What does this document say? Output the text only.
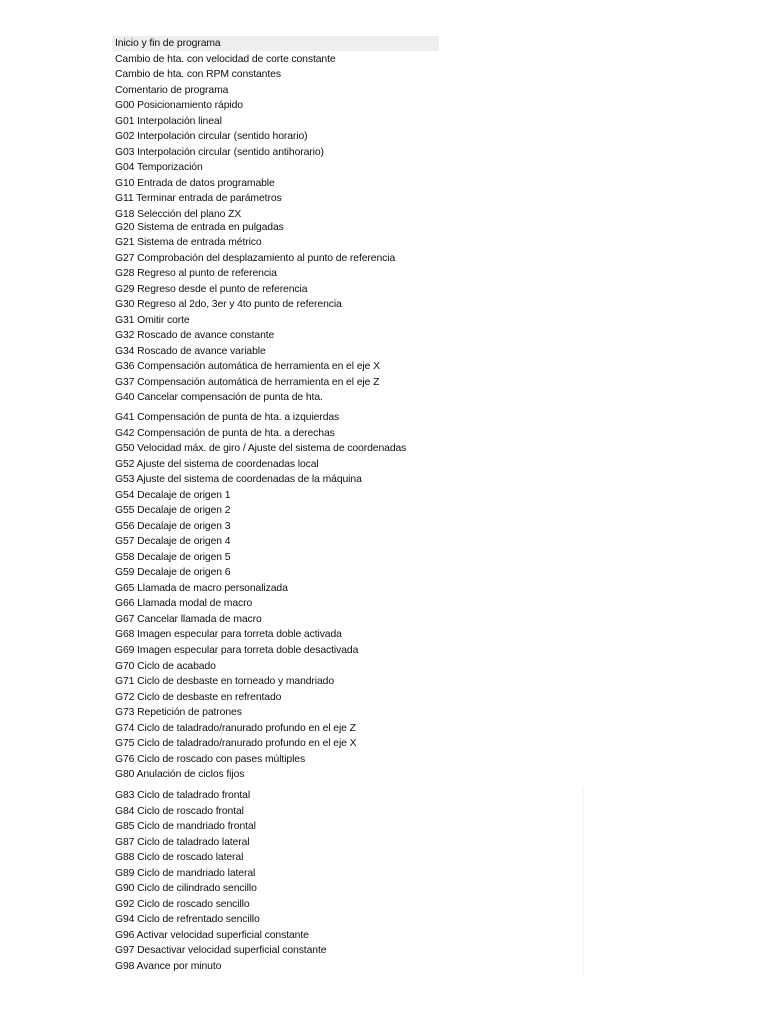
Inicio y fin de programa
Cambio de hta. con velocidad de corte constante
Cambio de hta. con RPM constantes
Comentario de programa
G00 Posicionamiento rápido
G01 Interpolación lineal
G02 Interpolación circular (sentido horario)
G03 Interpolación circular (sentido antihorario)
G04 Temporización
G10 Entrada de datos programable
G11 Terminar entrada de parámetros
G18 Selección del plano ZX
G20 Sistema de entrada en pulgadas
G21 Sistema de entrada métrico
G27 Comprobación del desplazamiento al punto de referencia
G28 Regreso al punto de referencia
G29 Regreso desde el punto de referencia
G30 Regreso al 2do, 3er y 4to punto de referencia
G31 Omitir corte
G32 Roscado de avance constante
G34 Roscado de avance variable
G36 Compensación automática de herramienta en el eje X
G37 Compensación automática de herramienta en el eje Z
G40 Cancelar compensación de punta de hta.
G41 Compensación de punta de hta. a izquierdas
G42 Compensación de punta de hta. a derechas
G50 Velocidad máx. de giro / Ajuste del sistema de coordenadas
G52 Ajuste del sistema de coordenadas local
G53 Ajuste del sistema de coordenadas de la máquina
G54 Decalaje de origen 1
G55 Decalaje de origen 2
G56 Decalaje de origen 3
G57 Decalaje de origen 4
G58 Decalaje de origen 5
G59 Decalaje de origen 6
G65 Llamada de macro personalizada
G66 Llamada modal de macro
G67 Cancelar llamada de macro
G68 Imagen especular para torreta doble activada
G69 Imagen especular para torreta doble desactivada
G70 Ciclo de acabado
G71 Ciclo de desbaste en torneado y mandriado
G72 Ciclo de desbaste en refrentado
G73 Repetición de patrones
G74 Ciclo de taladrado/ranurado profundo en el eje Z
G75 Ciclo de taladrado/ranurado profundo en el eje X
G76 Ciclo de roscado con pases múltiples
G80 Anulación de ciclos fijos
G83 Ciclo de taladrado frontal
G84 Ciclo de roscado frontal
G85 Ciclo de mandriado frontal
G87 Ciclo de taladrado lateral
G88 Ciclo de roscado lateral
G89 Ciclo de mandriado lateral
G90 Ciclo de cilindrado sencillo
G92 Ciclo de roscado sencillo
G94 Ciclo de refrentado sencillo
G96 Activar velocidad superficial constante
G97 Desactivar velocidad superficial constante
G98 Avance por minuto
